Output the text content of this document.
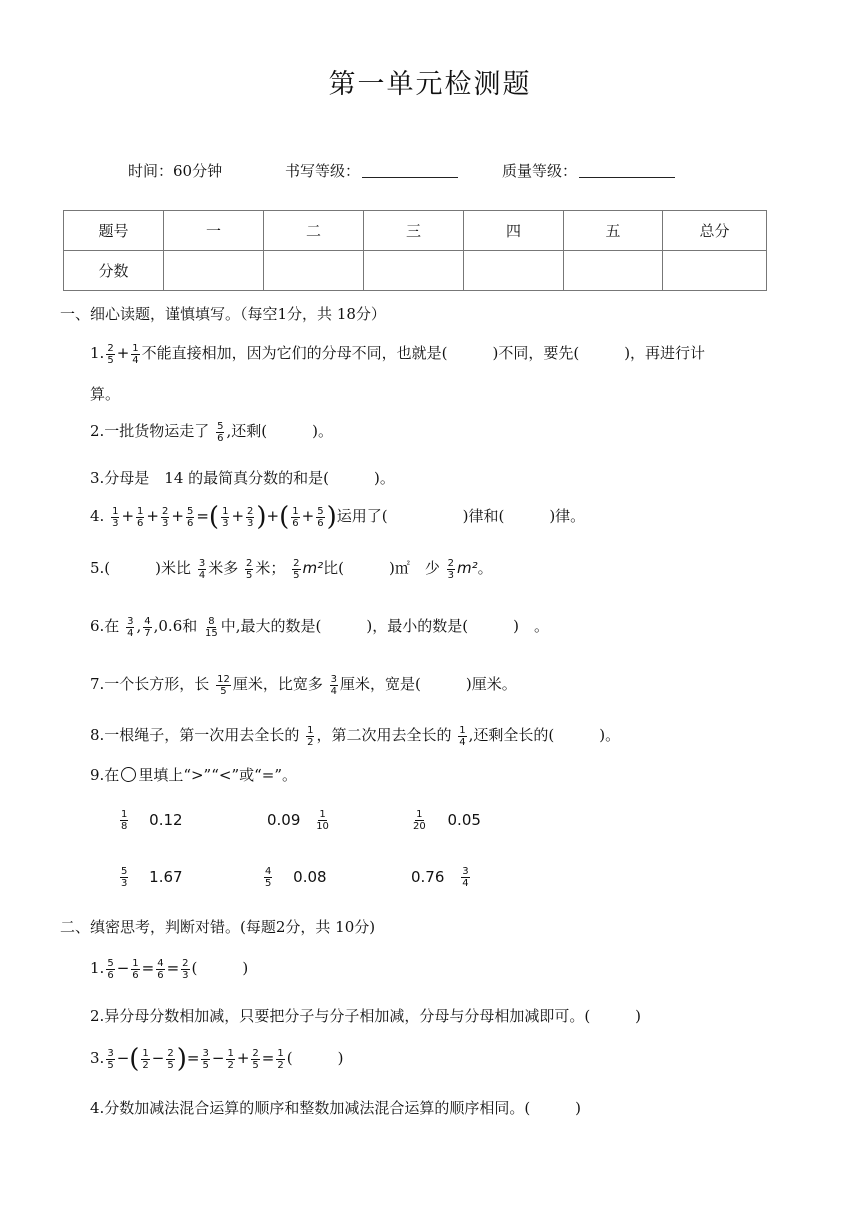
第一单元检测题
时间：60分钟	书写等级：	质量等级：
题号	一	二	三	四	五	总分
分数						
一、细心读题，谨慎填写。（每空1分，共 18分）
1. $\frac{2}{5} + \frac{1}{4}$ 不能直接相加，因为它们的分母不同，也就是(　　　)不同，要先(　　　)，再进行计
算。
2.一批货物运走了 $\frac{5}{6}$ ,还剩(　　　)。
3.分母是　14 的最简真分数的和是(　　　)。
4. $\frac{1}{3} + \frac{1}{6} + \frac{2}{3} + \frac{5}{6}$ =( $\frac{1}{3} + \frac{2}{3}$ )+( $\frac{1}{6} + \frac{5}{6}$ )运用了(　　　　　)律和(　　　)律。
5.(　　　)米比 $\frac{3}{4}$ 米多 $\frac{2}{5}$ 米； $\frac{2}{5} m^2$比(　　　)㎡　少 $\frac{2}{3} m^2$。
6.在 $\frac{3}{4}$ , $\frac{4}{7} ,0.6$和 $\frac{8}{15}$ 中,最大的数是(　　　)，最小的数是(　　　)　。
7.一个长方形，长 $\frac{12}{5}$ 厘米，比宽多 $\frac{3}{4}$ 厘米，宽是(　　　)厘米。
8.一根绳子，第一次用去全长的 $\frac{1}{2}$ ，第二次用去全长的 $\frac{1}{4}$ ,还剩全长的(　　　)。
9.在 里填上“>”“<”或“=”。
$\frac{1}{8} 0.12$	$0.09 \frac{1}{10}$	$\frac{1}{20} 0.05$
$\frac{5}{3} 1.67$	$\frac{4}{5} 0.08$	$0.76 \frac{3}{4}$
二、缜密思考，判断对错。(每题2分，共 10分)
1. $\frac{5}{6} - \frac{1}{6} = \frac{4}{6} = \frac{2}{3}$ (　　　)
2.异分母分数相加减，只要把分子与分子相加减，分母与分母相加减即可。(　　　)
3. $\frac{3}{5}$ −( $\frac{1}{2} - \frac{2}{5}$ )= $\frac{3}{5} - \frac{1}{2} + \frac{2}{5} = \frac{1}{2}$ (　　　)
4.分数加减法混合运算的顺序和整数加减法混合运算的顺序相同。(　　　)
